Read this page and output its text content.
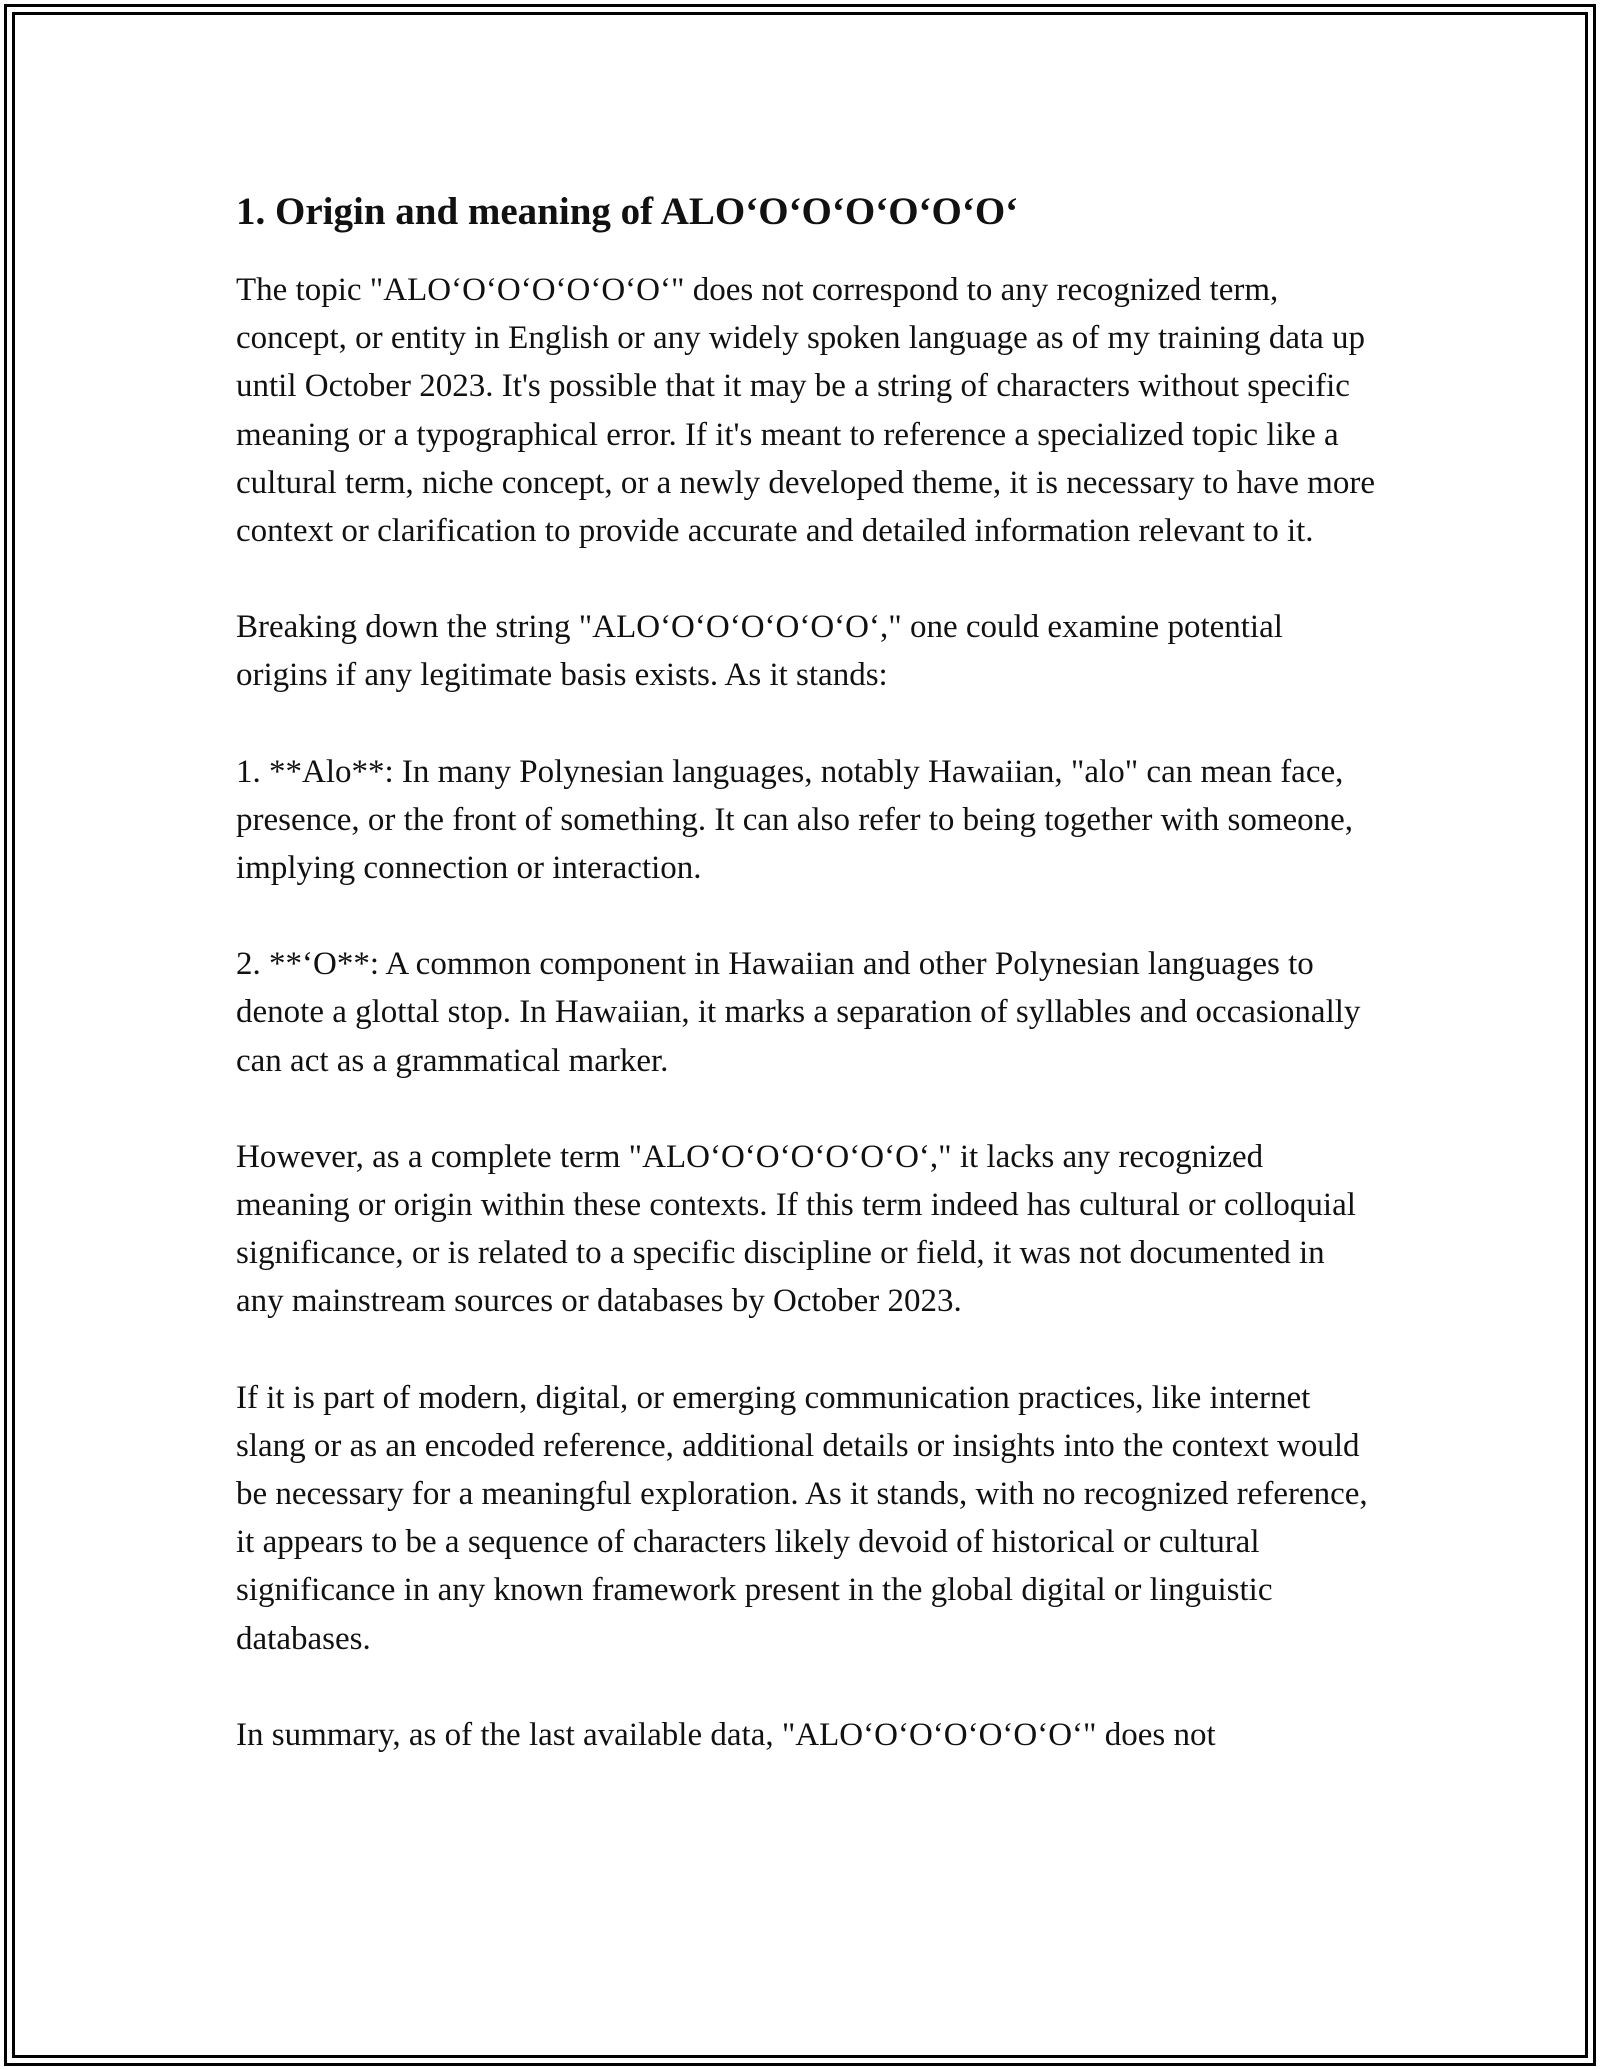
1. Origin and meaning of ALO‘O‘O‘O‘O‘O‘O‘

The topic "ALO‘O‘O‘O‘O‘O‘O‘" does not correspond to any recognized term, concept, or entity in English or any widely spoken language as of my training data up until October 2023. It's possible that it may be a string of characters without specific meaning or a typographical error. If it's meant to reference a specialized topic like a cultural term, niche concept, or a newly developed theme, it is necessary to have more context or clarification to provide accurate and detailed information relevant to it.

Breaking down the string "ALO‘O‘O‘O‘O‘O‘O‘," one could examine potential origins if any legitimate basis exists. As it stands:

1. **Alo**: In many Polynesian languages, notably Hawaiian, "alo" can mean face, presence, or the front of something. It can also refer to being together with someone, implying connection or interaction.

2. **‘O**: A common component in Hawaiian and other Polynesian languages to denote a glottal stop. In Hawaiian, it marks a separation of syllables and occasionally can act as a grammatical marker.

However, as a complete term "ALO‘O‘O‘O‘O‘O‘O‘," it lacks any recognized meaning or origin within these contexts. If this term indeed has cultural or colloquial significance, or is related to a specific discipline or field, it was not documented in any mainstream sources or databases by October 2023.

If it is part of modern, digital, or emerging communication practices, like internet slang or as an encoded reference, additional details or insights into the context would be necessary for a meaningful exploration. As it stands, with no recognized reference, it appears to be a sequence of characters likely devoid of historical or cultural significance in any known framework present in the global digital or linguistic databases.

In summary, as of the last available data, "ALO‘O‘O‘O‘O‘O‘O‘" does not
